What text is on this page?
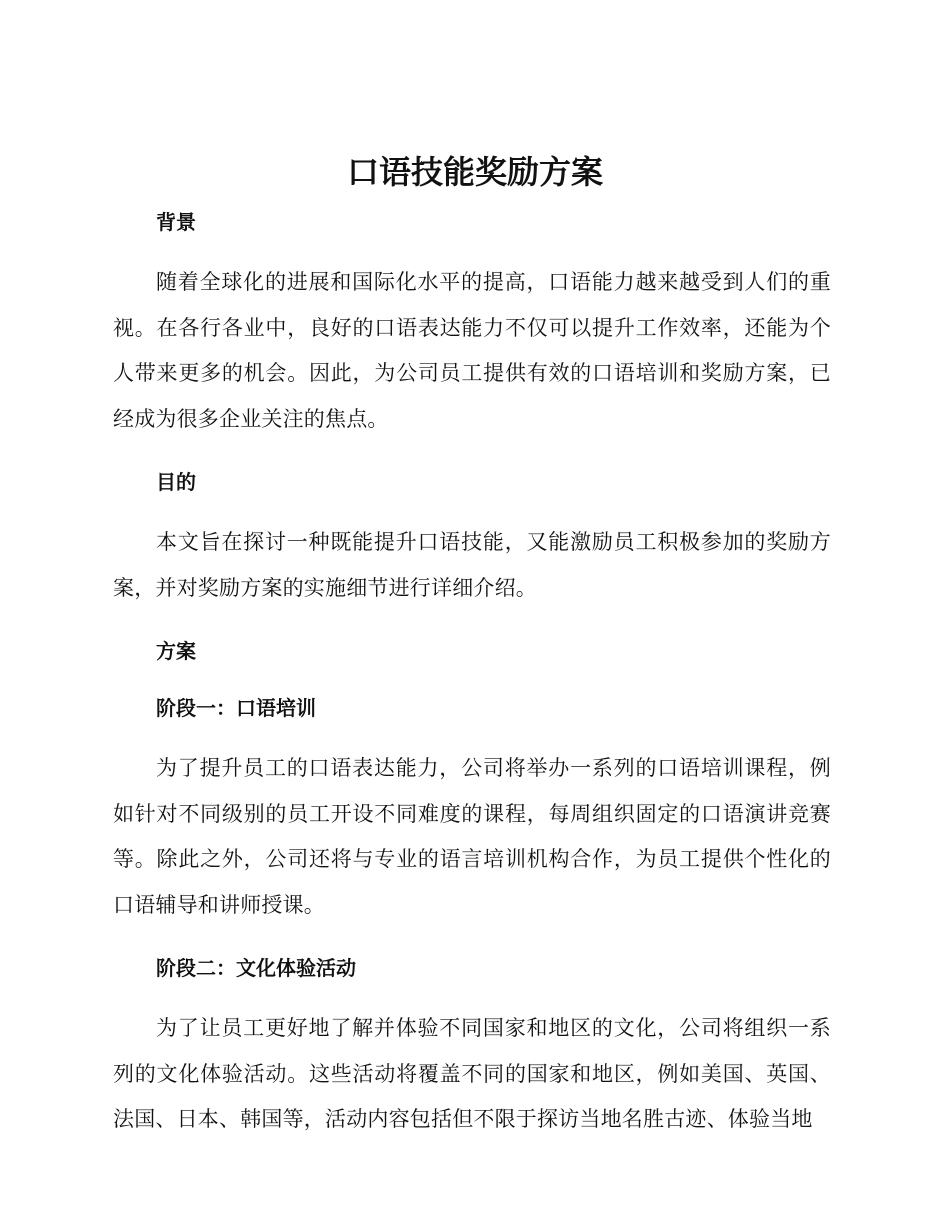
口语技能奖励方案
背景

随着全球化的进展和国际化水平的提高，口语能力越来越受到人们的重视。在各行各业中，良好的口语表达能力不仅可以提升工作效率，还能为个人带来更多的机会。因此，为公司员工提供有效的口语培训和奖励方案，已经成为很多企业关注的焦点。

目的

本文旨在探讨一种既能提升口语技能，又能激励员工积极参加的奖励方案，并对奖励方案的实施细节进行详细介绍。

方案
阶段一：口语培训

为了提升员工的口语表达能力，公司将举办一系列的口语培训课程，例如针对不同级别的员工开设不同难度的课程，每周组织固定的口语演讲竞赛等。除此之外，公司还将与专业的语言培训机构合作，为员工提供个性化的口语辅导和讲师授课。

阶段二：文化体验活动

为了让员工更好地了解并体验不同国家和地区的文化，公司将组织一系列的文化体验活动。这些活动将覆盖不同的国家和地区，例如美国、英国、法国、日本、韩国等，活动内容包括但不限于探访当地名胜古迹、体验当地
